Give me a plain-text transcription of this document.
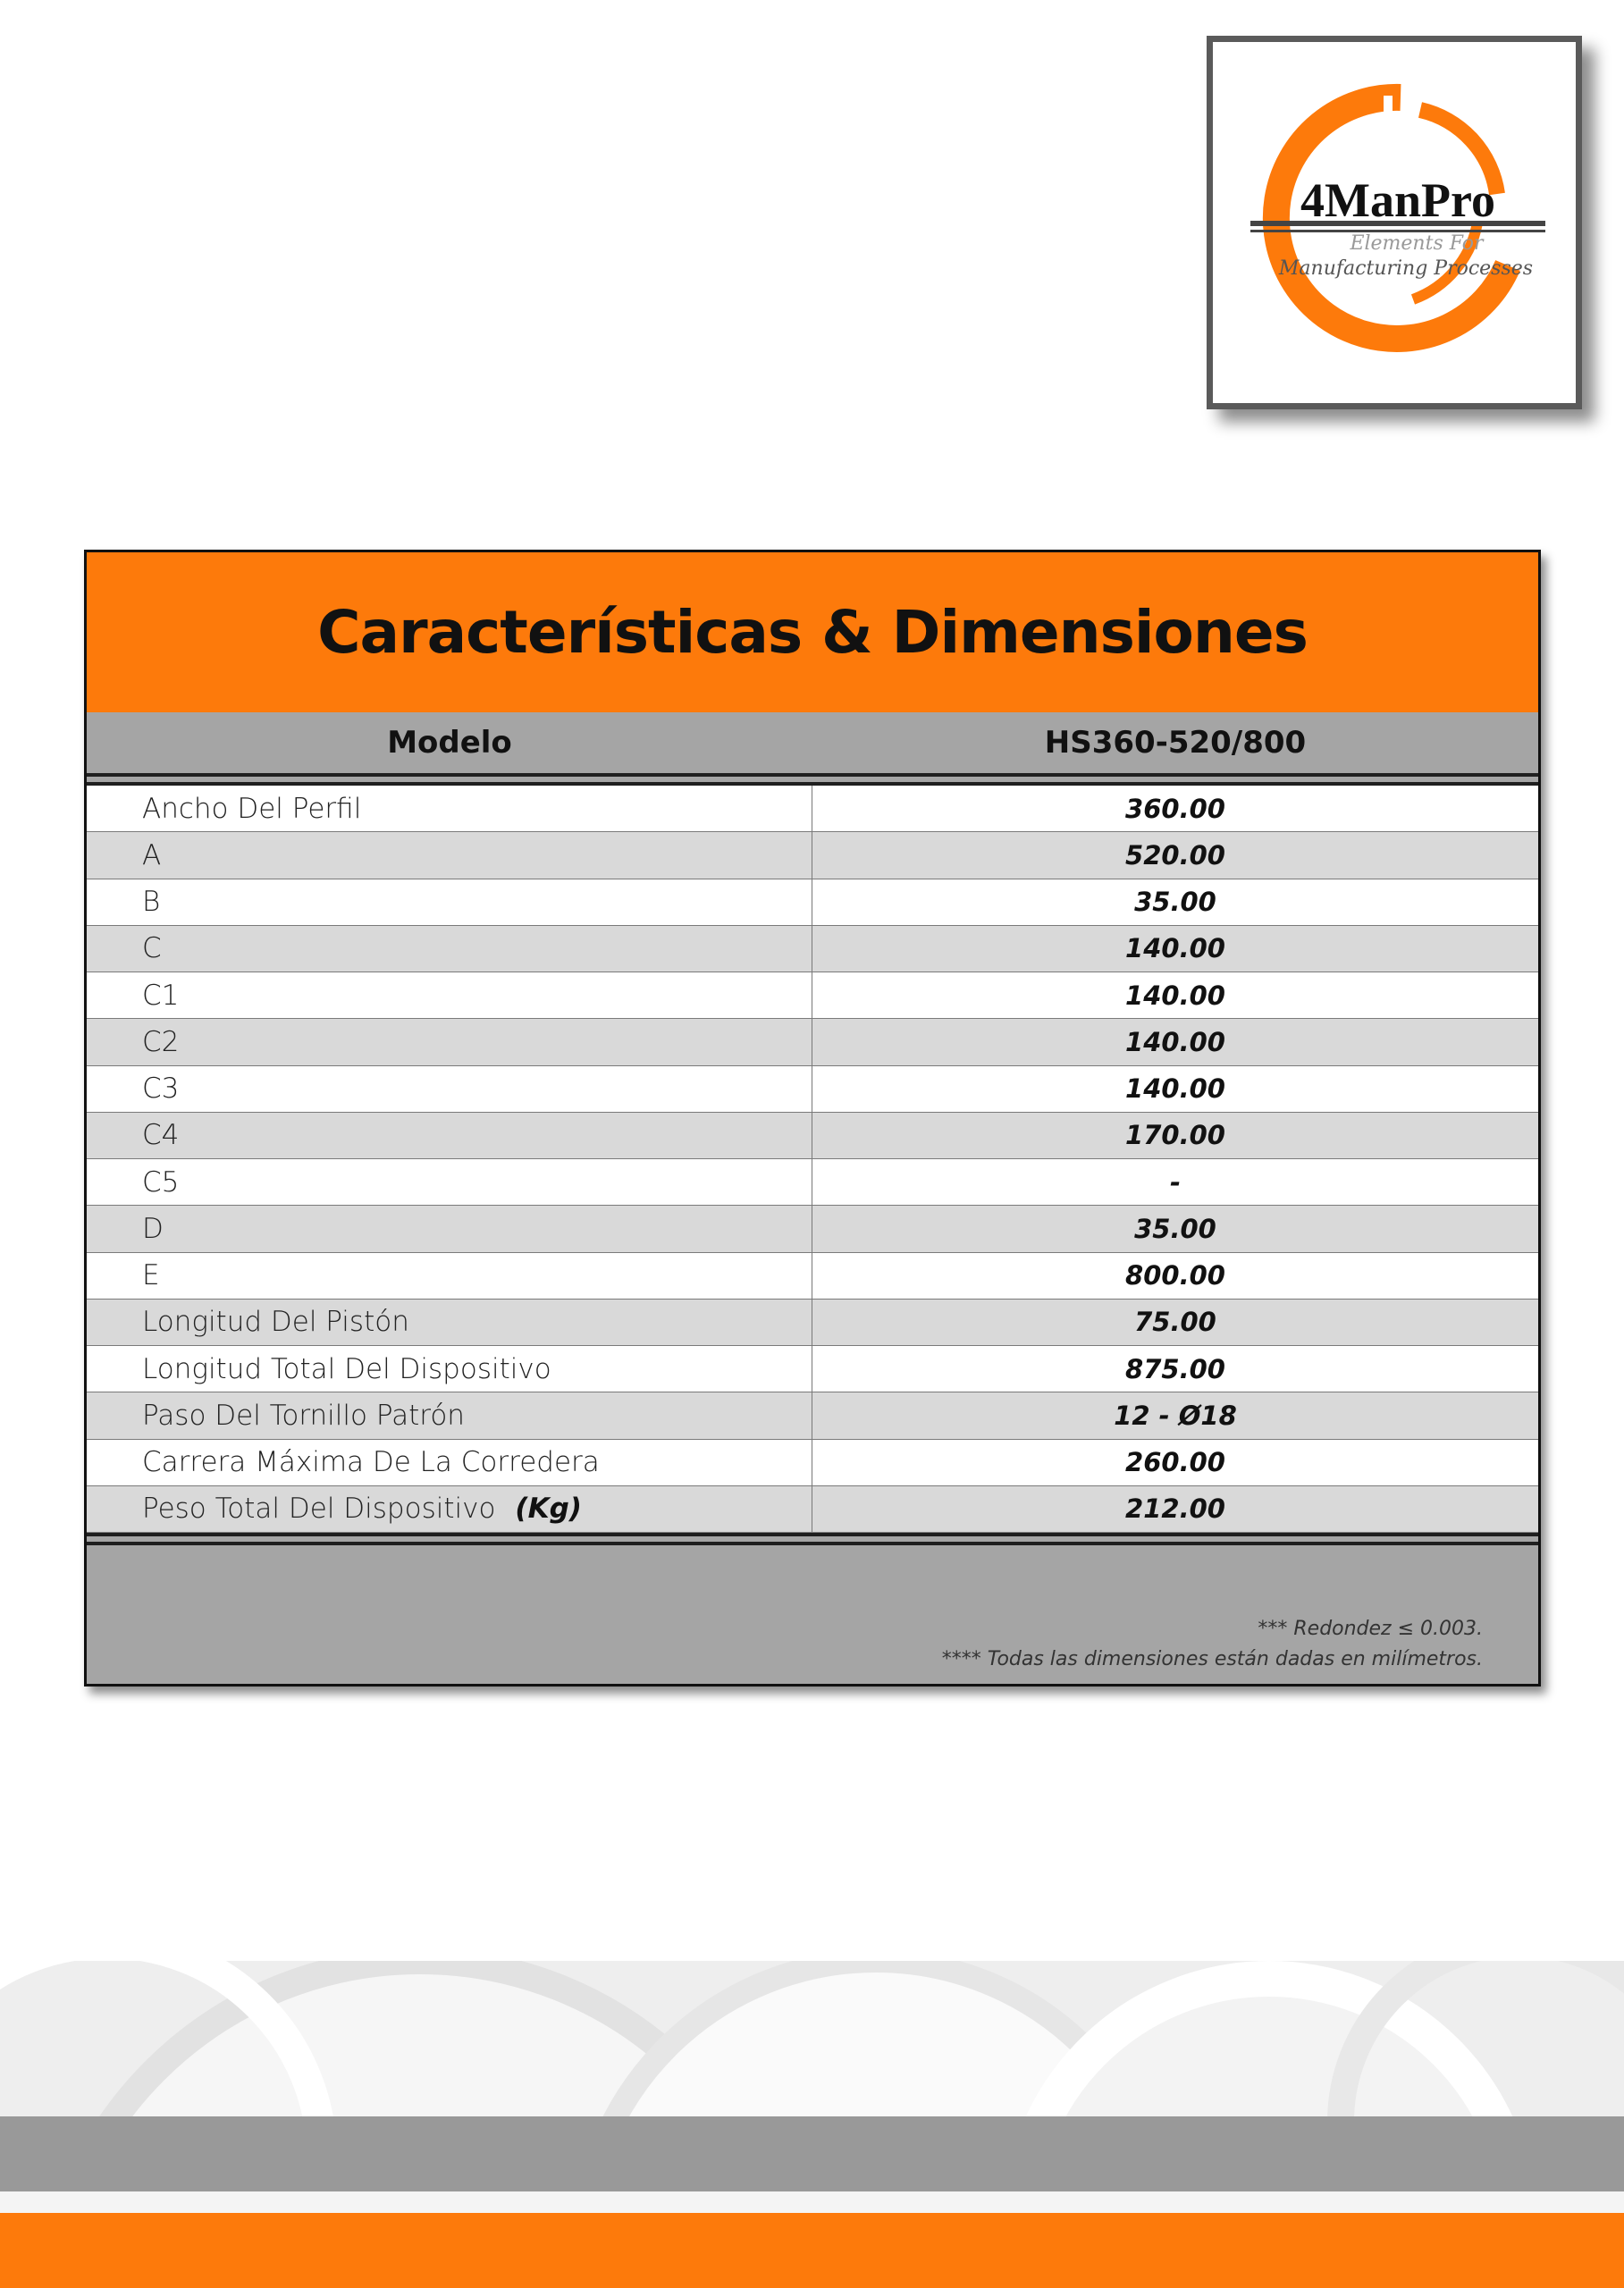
4ManPro
Elements For
Manufacturing Processes
Características & Dimensiones
Modelo	HS360-520/800
Ancho Del Perfil	360.00
A	520.00
B	35.00
C	140.00
C1	140.00
C2	140.00
C3	140.00
C4	170.00
C5	-
D	35.00
E	800.00
Longitud Del Pistón	75.00
Longitud Total Del Dispositivo	875.00
Paso Del Tornillo Patrón	12 - Ø18
Carrera Máxima De La Corredera	260.00
Peso Total Del Dispositivo (Kg)	212.00
*** Redondez ≤ 0.003.
**** Todas las dimensiones están dadas en milímetros.
